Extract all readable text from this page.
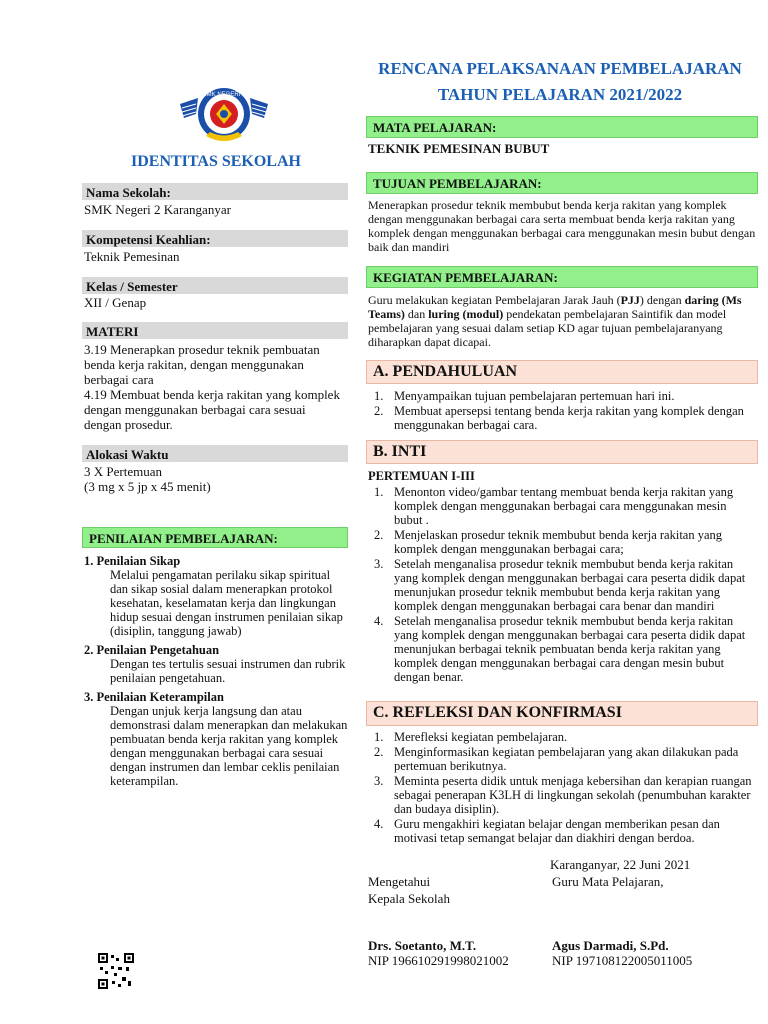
RENCANA PELAKSANAAN PEMBELAJARAN
TAHUN PELAJARAN 2021/2022
SMK NEGERI 2
IDENTITAS SEKOLAH
Nama Sekolah:
SMK Negeri 2 Karanganyar
Kompetensi Keahlian:
Teknik Pemesinan
Kelas / Semester
XII / Genap
MATERI
3.19 Menerapkan prosedur teknik pembuatan benda kerja rakitan, dengan menggunakan berbagai cara
4.19 Membuat benda kerja rakitan yang komplek dengan menggunakan berbagai cara sesuai dengan prosedur.
Alokasi Waktu
3 X Pertemuan
(3 mg x 5 jp x 45 menit)
PENILAIAN PEMBELAJARAN:
1. Penilaian Sikap
Melalui pengamatan perilaku sikap spiritual dan sikap sosial dalam menerapkan protokol kesehatan, keselamatan kerja dan lingkungan hidup sesuai dengan instrumen penilaian sikap (disiplin, tanggung jawab)
2. Penilaian Pengetahuan
Dengan tes tertulis sesuai instrumen dan rubrik penilaian pengetahuan.
3. Penilaian Keterampilan
Dengan unjuk kerja langsung dan atau demonstrasi dalam menerapkan dan melakukan pembuatan benda kerja rakitan yang komplek dengan menggunakan berbagai cara sesuai dengan instrumen dan lembar ceklis penilaian keterampilan.
MATA PELAJARAN:
TEKNIK PEMESINAN BUBUT
TUJUAN PEMBELAJARAN:
Menerapkan prosedur teknik membubut benda kerja rakitan yang komplek dengan menggunakan berbagai cara serta membuat benda kerja rakitan yang komplek dengan menggunakan berbagai cara menggunakan mesin bubut dengan baik dan mandiri
KEGIATAN PEMBELAJARAN:
Guru melakukan kegiatan Pembelajaran Jarak Jauh (PJJ) dengan daring (Ms Teams) dan luring (modul) pendekatan pembelajaran Saintifik dan model pembelajaran yang sesuai dalam setiap KD agar tujuan pembelajaranyang diharapkan dapat dicapai.
A. PENDAHULUAN
1. Menyampaikan tujuan pembelajaran pertemuan hari ini.
2. Membuat apersepsi tentang benda kerja rakitan yang komplek dengan menggunakan berbagai cara.
B. INTI
PERTEMUAN I-III
1. Menonton video/gambar tentang membuat benda kerja rakitan yang komplek dengan menggunakan berbagai cara menggunakan mesin bubut .
2. Menjelaskan prosedur teknik membubut benda kerja rakitan yang komplek dengan menggunakan berbagai cara;
3. Setelah menganalisa prosedur teknik membubut benda kerja rakitan yang komplek dengan menggunakan berbagai cara peserta didik dapat menunjukan prosedur teknik membubut benda kerja rakitan yang komplek dengan menggunakan berbagai cara benar dan mandiri
4. Setelah menganalisa prosedur teknik membubut benda kerja rakitan yang komplek dengan menggunakan berbagai cara peserta didik dapat menunjukan berbagai teknik pembuatan benda kerja rakitan yang komplek dengan menggunakan berbagai cara dengan mesin bubut dengan benar.
C. REFLEKSI DAN KONFIRMASI
1. Merefleksi kegiatan pembelajaran.
2. Menginformasikan kegiatan pembelajaran yang akan dilakukan pada pertemuan berikutnya.
3. Meminta peserta didik untuk menjaga kebersihan dan kerapian ruangan sebagai penerapan K3LH di lingkungan sekolah (penumbuhan karakter dan budaya disiplin).
4. Guru mengakhiri kegiatan belajar dengan memberikan pesan dan motivasi tetap semangat belajar dan diakhiri dengan berdoa.
Karanganyar, 22 Juni 2021
Mengetahui	Guru Mata Pelajaran,
Kepala Sekolah
Drs. Soetanto, M.T.
NIP 196610291998021002
Agus Darmadi, S.Pd.
NIP 197108122005011005
